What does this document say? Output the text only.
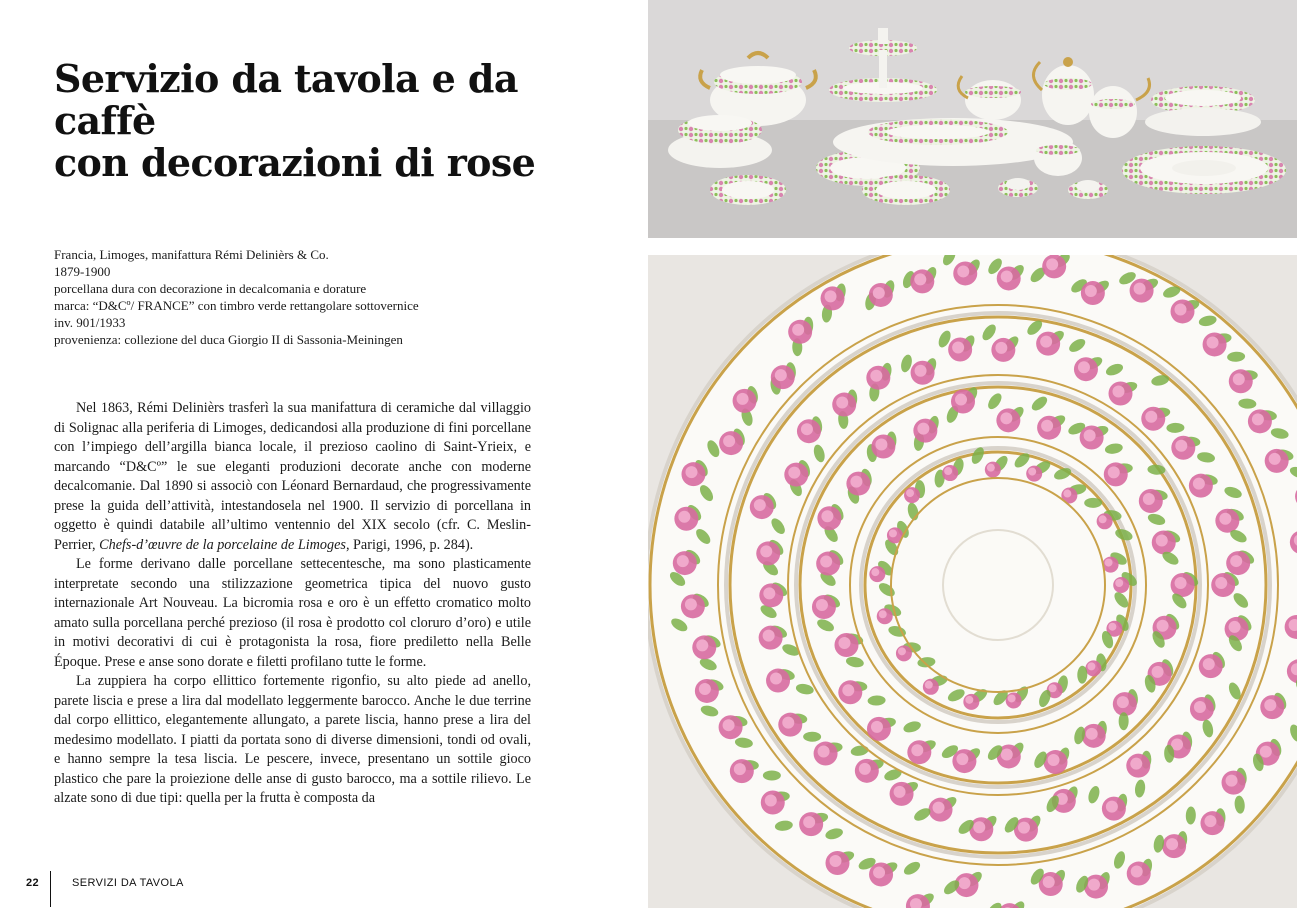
Servizio da tavola e da caffè
con decorazioni di rose
Francia, Limoges, manifattura Rémi Delinièrs & Co.
1879-1900
porcellana dura con decorazione in decalcomania e dorature
marca: “D&Cº/ FRANCE” con timbro verde rettangolare sottovernice
inv. 901/1933
provenienza: collezione del duca Giorgio II di Sassonia-Meiningen

Nel 1863, Rémi Delinièrs trasferì la sua manifattura di ceramiche dal villaggio di Solignac alla periferia di Limoges, dedicandosi alla produzione di fini porcellane con l’impiego dell’argilla bianca locale, il prezioso caolino di Saint-Yrieix, e marcando “D&Cº” le sue eleganti produzioni decorate anche con moderne decalcomanie. Dal 1890 si associò con Léonard Bernardaud, che progressivamente prese la guida dell’attività, intestandosela nel 1900. Il servizio di porcellana in oggetto è quindi databile all’ultimo ventennio del XIX secolo (cfr. C. Meslin-Perrier, Chefs-d’œuvre de la porcelaine de Limoges, Parigi, 1996, p. 284).

Le forme derivano dalle porcellane settecentesche, ma sono plasticamente interpretate secondo una stilizzazione geometrica tipica del nuovo gusto internazionale Art Nouveau. La bicromia rosa e oro è un effetto cromatico molto amato sulla porcellana perché prezioso (il rosa è prodotto col cloruro d’oro) e utile in motivi decorativi di cui è protagonista la rosa, fiore prediletto nella Belle Époque. Prese e anse sono dorate e filetti profilano tutte le forme.

La zuppiera ha corpo ellittico fortemente rigonfio, su alto piede ad anello, parete liscia e prese a lira dal modellato leggermente barocco. Anche le due terrine dal corpo ellittico, elegantemente allungato, a parete liscia, hanno prese a lira del medesimo modellato. I piatti da portata sono di diverse dimensioni, tondi od ovali, e hanno sempre la tesa liscia. Le pescere, invece, presentano un sottile gioco plastico che pare la proiezione delle anse di gusto barocco, ma a sottile rilievo. Le alzate sono di due tipi: quella per la frutta è composta da

22	SERVIZI DA TAVOLA
